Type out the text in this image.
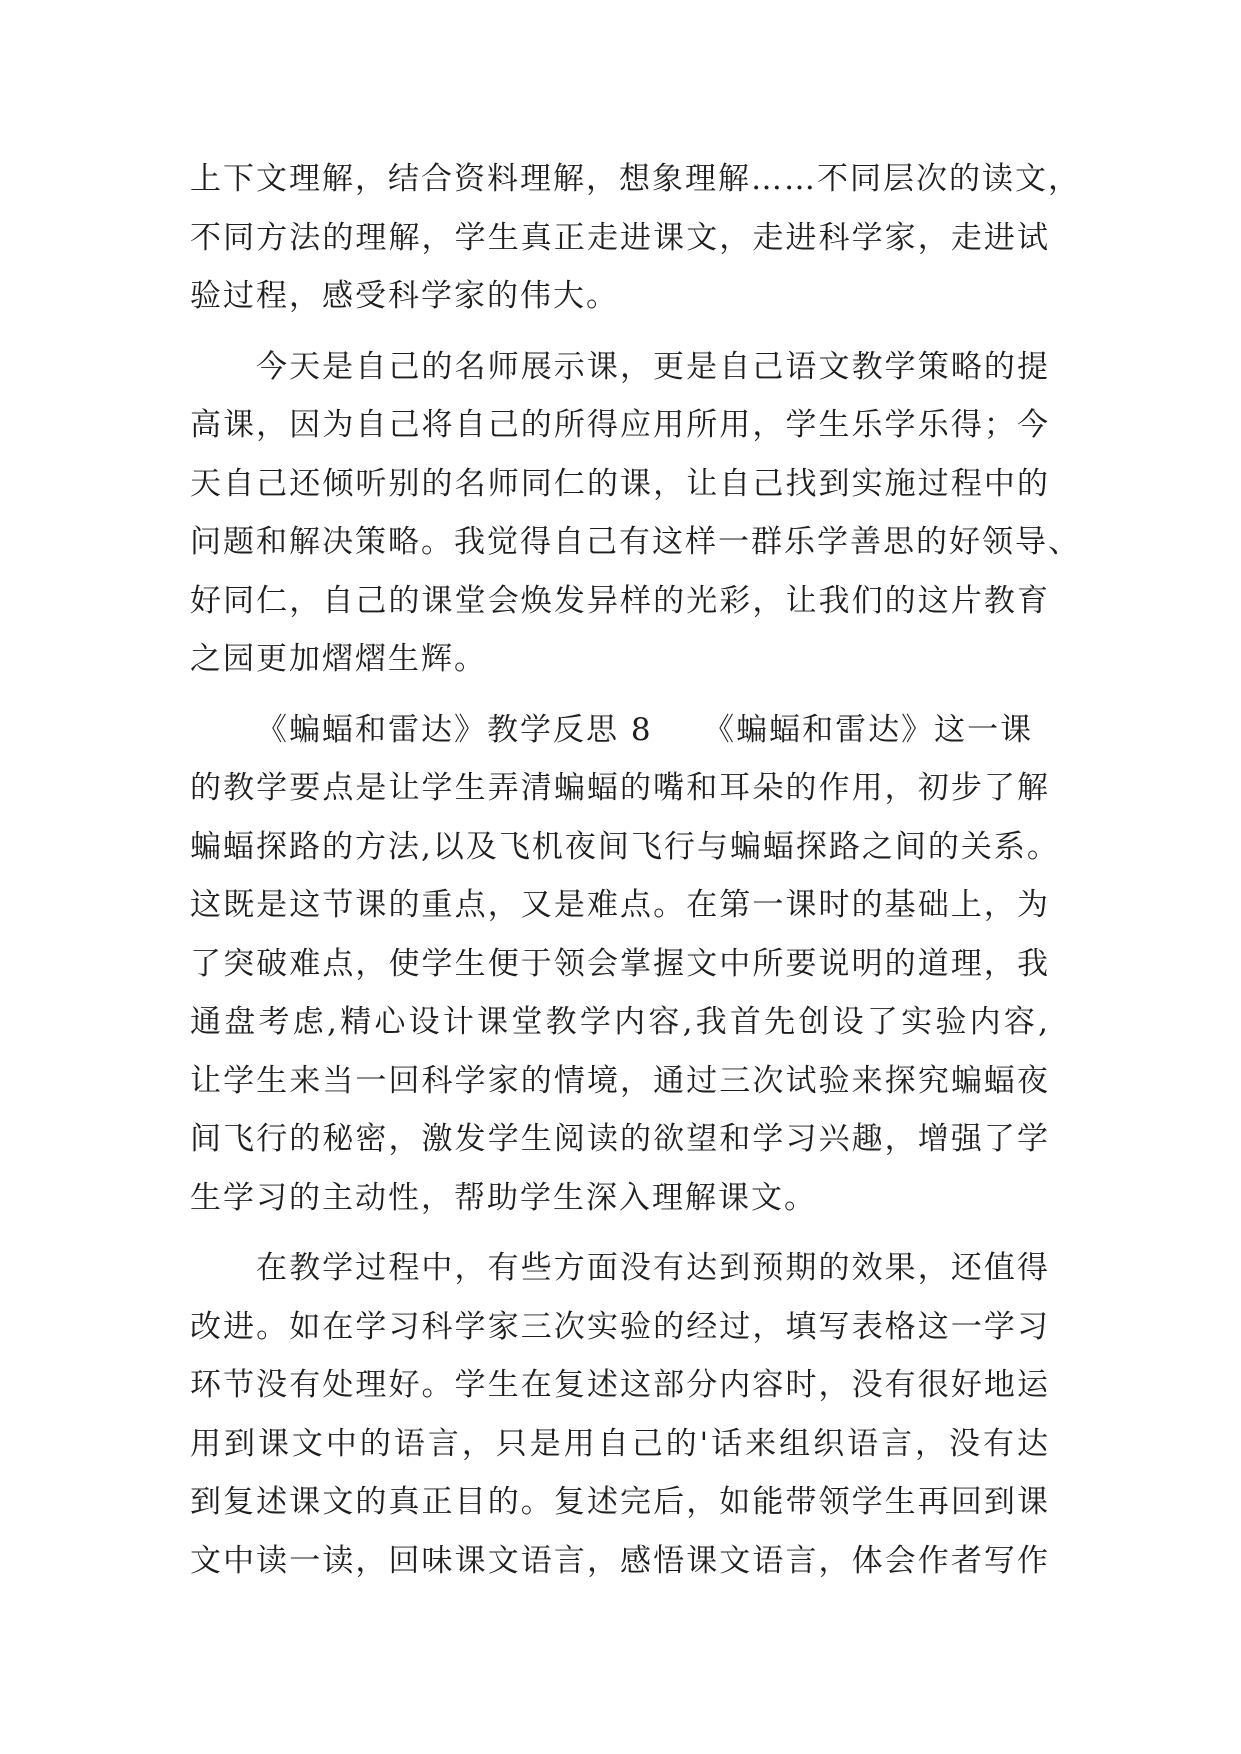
上下文理解，结合资料理解，想象理解……不同层次的读文，
不同方法的理解，学生真正走进课文，走进科学家，走进试
验过程，感受科学家的伟大。

今天是自己的名师展示课，更是自己语文教学策略的提
高课，因为自己将自己的所得应用所用，学生乐学乐得；今
天自己还倾听别的名师同仁的课，让自己找到实施过程中的
问题和解决策略。我觉得自己有这样一群乐学善思的好领导、
好同仁，自己的课堂会焕发异样的光彩，让我们的这片教育
之园更加熠熠生辉。

《蝙蝠和雷达》教学反思 8　　《蝙蝠和雷达》这一课
的教学要点是让学生弄清蝙蝠的嘴和耳朵的作用，初步了解
蝙蝠探路的方法,以及飞机夜间飞行与蝙蝠探路之间的关系。
这既是这节课的重点，又是难点。在第一课时的基础上，为
了突破难点，使学生便于领会掌握文中所要说明的道理，我
通盘考虑,精心设计课堂教学内容,我首先创设了实验内容,
让学生来当一回科学家的情境，通过三次试验来探究蝙蝠夜
间飞行的秘密，激发学生阅读的欲望和学习兴趣，增强了学
生学习的主动性，帮助学生深入理解课文。

在教学过程中，有些方面没有达到预期的效果，还值得
改进。如在学习科学家三次实验的经过，填写表格这一学习
环节没有处理好。学生在复述这部分内容时，没有很好地运
用到课文中的语言，只是用自己的'话来组织语言，没有达
到复述课文的真正目的。复述完后，如能带领学生再回到课
文中读一读，回味课文语言，感悟课文语言，体会作者写作
